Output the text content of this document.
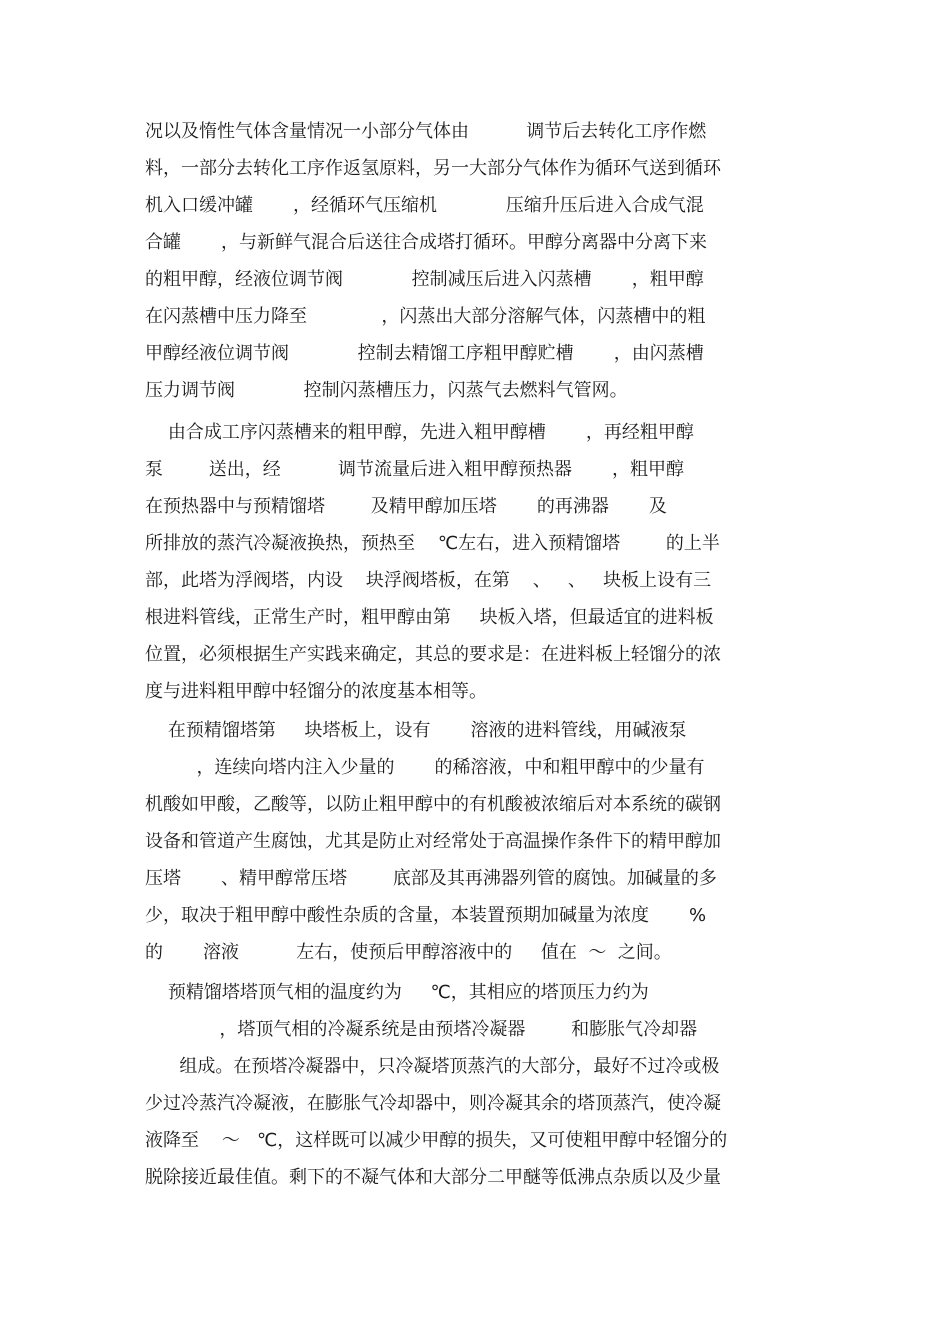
况以及惰性气体含量情况一小部分气体由          调节后去转化工序作燃
料，一部分去转化工序作返氢原料，另一大部分气体作为循环气送到循环
机入口缓冲罐       ，经循环气压缩机            压缩升压后进入合成气混
合罐       ，与新鲜气混合后送往合成塔打循环。甲醇分离器中分离下来
的粗甲醇，经液位调节阀            控制减压后进入闪蒸槽       ，粗甲醇
在闪蒸槽中压力降至             ，闪蒸出大部分溶解气体，闪蒸槽中的粗
甲醇经液位调节阀            控制去精馏工序粗甲醇贮槽       ，由闪蒸槽
压力调节阀            控制闪蒸槽压力，闪蒸气去燃料气管网。
由合成工序闪蒸槽来的粗甲醇，先进入粗甲醇槽       ，再经粗甲醇
泵        送出，经          调节流量后进入粗甲醇预热器       ，粗甲醇
在预热器中与预精馏塔        及精甲醇加压塔       的再沸器       及
所排放的蒸汽冷凝液换热，预热至    ℃左右，进入预精馏塔        的上半
部，此塔为浮阀塔，内设    块浮阀塔板，在第    、   、   块板上设有三
根进料管线，正常生产时，粗甲醇由第     块板入塔，但最适宜的进料板
位置，必须根据生产实践来确定，其总的要求是：在进料板上轻馏分的浓
度与进料粗甲醇中轻馏分的浓度基本相等。
在预精馏塔第     块塔板上，设有       溶液的进料管线，用碱液泵
，连续向塔内注入少量的       的稀溶液，中和粗甲醇中的少量有
机酸如甲酸，乙酸等，以防止粗甲醇中的有机酸被浓缩后对本系统的碳钢
设备和管道产生腐蚀，尤其是防止对经常处于高温操作条件下的精甲醇加
压塔       、精甲醇常压塔        底部及其再沸器列管的腐蚀。加碱量的多
少，取决于粗甲醇中酸性杂质的含量，本装置预期加碱量为浓度       %
的       溶液          左右，使预后甲醇溶液中的     值在  ～  之间。
预精馏塔塔顶气相的温度约为     ℃，其相应的塔顶压力约为
，塔顶气相的冷凝系统是由预塔冷凝器        和膨胀气冷却器
组成。在预塔冷凝器中，只冷凝塔顶蒸汽的大部分，最好不过冷或极
少过冷蒸汽冷凝液，在膨胀气冷却器中，则冷凝其余的塔顶蒸汽，使冷凝
液降至    ～   ℃，这样既可以减少甲醇的损失，又可使粗甲醇中轻馏分的
脱除接近最佳值。剩下的不凝气体和大部分二甲醚等低沸点杂质以及少量
